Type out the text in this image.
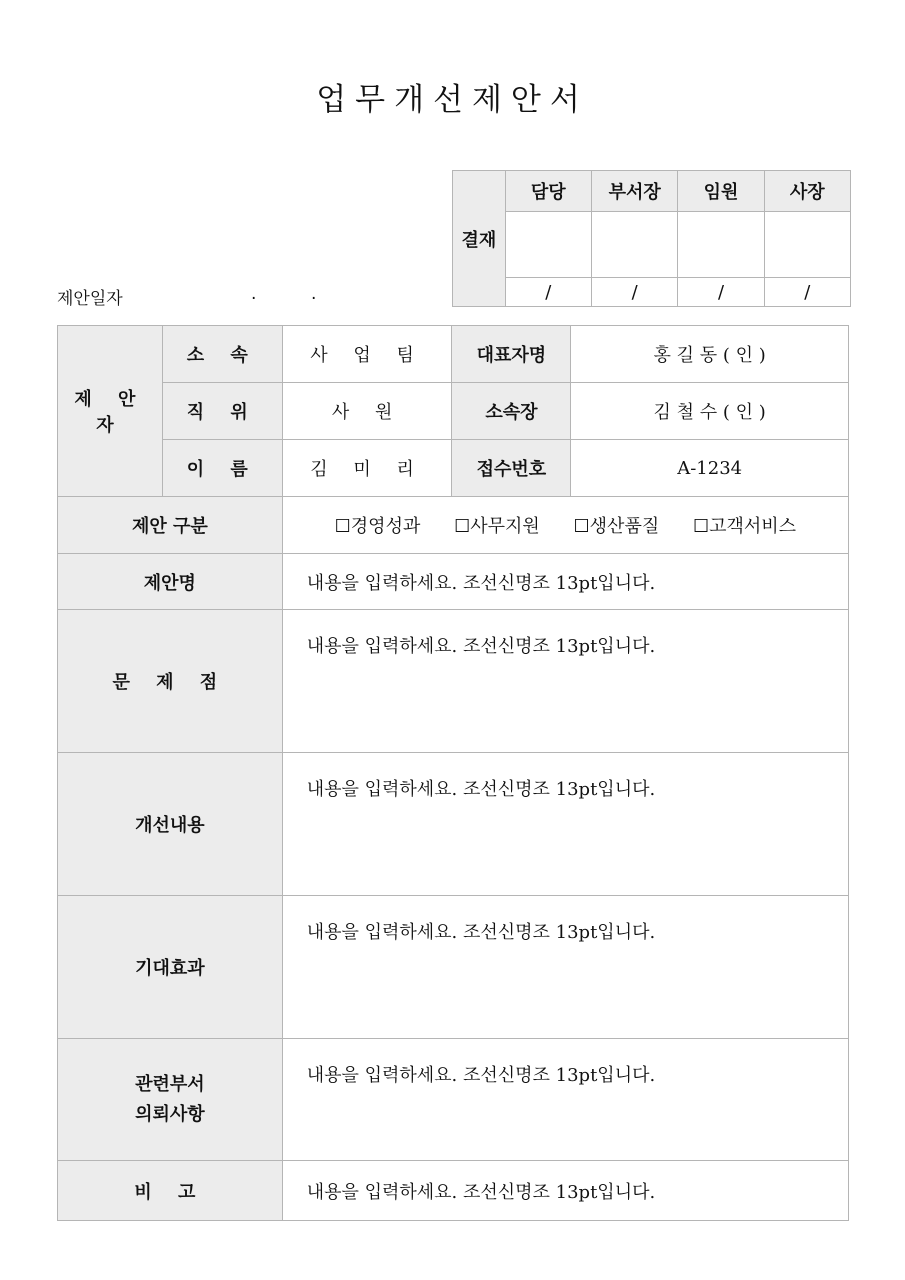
업무개선제안서
제안일자	.	.
결재	담당	부서장	임원	사장

	/	/	/	/
제 안 자	소 속	사 업 팀	대표자명	홍 길 동 ( 인 )
	직 위	사 원	소속장	김 철 수 ( 인 )
	이 름	김 미 리	접수번호	A-1234
제안 구분		☐경영성과 ☐사무지원 ☐생산품질 ☐고객서비스		
제안명		내용을 입력하세요. 조선신명조 13pt입니다.		
문 제 점		내용을 입력하세요. 조선신명조 13pt입니다.		
개선내용		내용을 입력하세요. 조선신명조 13pt입니다.		
기대효과		내용을 입력하세요. 조선신명조 13pt입니다.		

관련부서
의뢰사항		내용을 입력하세요. 조선신명조 13pt입니다.		
비 고		내용을 입력하세요. 조선신명조 13pt입니다.		
